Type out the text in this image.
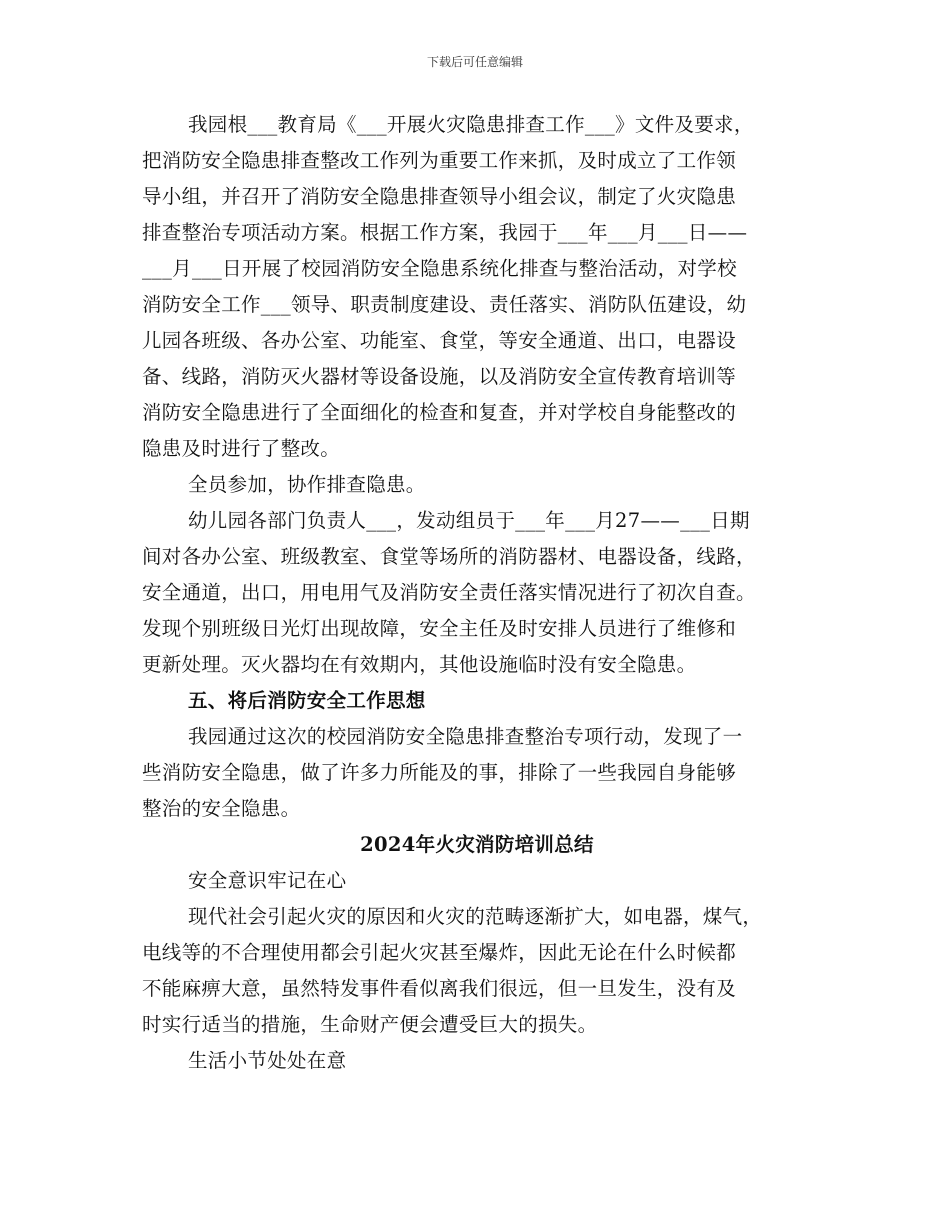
下载后可任意编辑
我园根___教育局《___开展火灾隐患排查工作___》文件及要求，
把消防安全隐患排查整改工作列为重要工作来抓，及时成立了工作领
导小组，并召开了消防安全隐患排查领导小组会议，制定了火灾隐患
排查整治专项活动方案。根据工作方案，我园于___年___月___日——
___月___日开展了校园消防安全隐患系统化排查与整治活动，对学校
消防安全工作___领导、职责制度建设、责任落实、消防队伍建设，幼
儿园各班级、各办公室、功能室、食堂，等安全通道、出口，电器设
备、线路，消防灭火器材等设备设施，以及消防安全宣传教育培训等
消防安全隐患进行了全面细化的检查和复查，并对学校自身能整改的
隐患及时进行了整改。
全员参加，协作排查隐患。
幼儿园各部门负责人___，发动组员于___年___月27——___日期
间对各办公室、班级教室、食堂等场所的消防器材、电器设备，线路，
安全通道，出口，用电用气及消防安全责任落实情况进行了初次自查。
发现个别班级日光灯出现故障，安全主任及时安排人员进行了维修和
更新处理。灭火器均在有效期内，其他设施临时没有安全隐患。
五、将后消防安全工作思想
我园通过这次的校园消防安全隐患排查整治专项行动，发现了一
些消防安全隐患，做了许多力所能及的事，排除了一些我园自身能够
整治的安全隐患。
2024年火灾消防培训总结
安全意识牢记在心
现代社会引起火灾的原因和火灾的范畴逐渐扩大，如电器，煤气，
电线等的不合理使用都会引起火灾甚至爆炸，因此无论在什么时候都
不能麻痹大意，虽然特发事件看似离我们很远，但一旦发生，没有及
时实行适当的措施，生命财产便会遭受巨大的损失。
生活小节处处在意
